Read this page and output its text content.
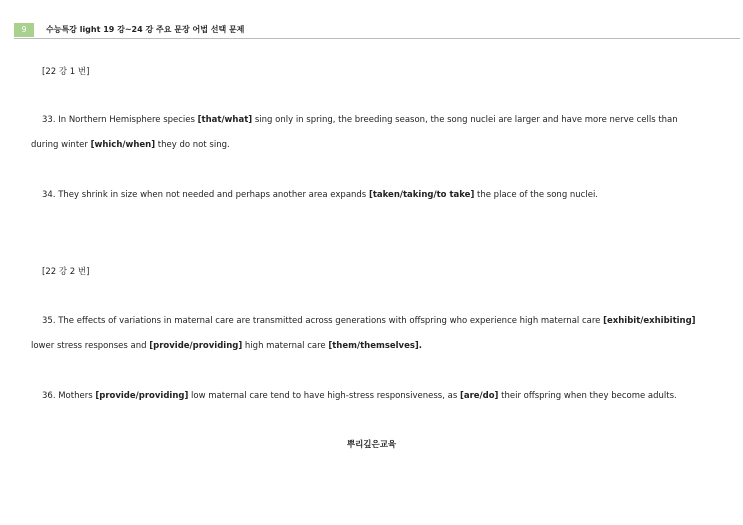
9	수능특강 light 19 강~24 강 주요 문장 어법 선택 문제
[22 강 1 번]
33. In Northern Hemisphere species [that/what] sing only in spring, the breeding season, the song nuclei are larger and have more nerve cells than
during winter [which/when] they do not sing.
34. They shrink in size when not needed and perhaps another area expands [taken/taking/to take] the place of the song nuclei.
[22 강 2 번]
35. The effects of variations in maternal care are transmitted across generations with offspring who experience high maternal care [exhibit/exhibiting]
lower stress responses and [provide/providing] high maternal care [them/themselves].
36. Mothers [provide/providing] low maternal care tend to have high-stress responsiveness, as [are/do] their offspring when they become adults.
뿌리깊은교육
